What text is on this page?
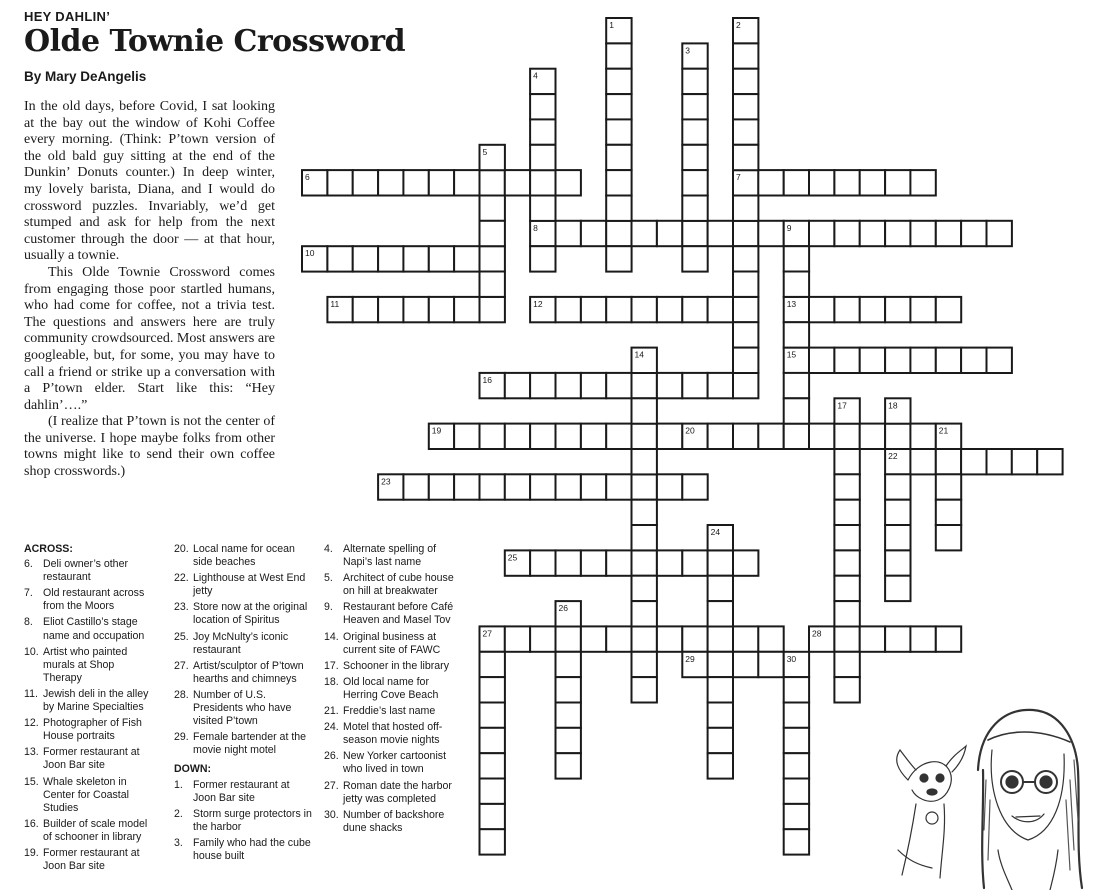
HEY DAHLIN’
Olde Townie Crossword
By Mary DeAngelis

In the old days, before Covid, I sat looking at the bay out the window of Kohi Coffee every morning. (Think: P’town version of the old bald guy sitting at the end of the Dunkin’ Donuts counter.) In deep winter, my lovely barista, Diana, and I would do crossword puzzles. Invariably, we’d get stumped and ask for help from the next customer through the door — at that hour, usually a townie.

This Olde Townie Crossword comes from engaging those poor startled humans, who had come for coffee, not a trivia test. The questions and answers here are truly community crowdsourced. Most answers are googleable, but, for some, you may have to call a friend or strike up a conversation with a P’town elder. Start like this: “Hey dahlin’….”

(I realize that P’town is not the center of the universe. I hope maybe folks from other towns might like to send their own coffee shop crosswords.)

ACROSS:
6. Deli owner’s other restaurant
7. Old restaurant across from the Moors
8. Eliot Castillo’s stage name and occupation
10. Artist who painted murals at Shop Therapy
11. Jewish deli in the alley by Marine Specialties
12. Photographer of Fish House portraits
13. Former restaurant at Joon Bar site
15. Whale skeleton in Center for Coastal Studies
16. Builder of scale model of schooner in library
19. Former restaurant at Joon Bar site
20. Local name for ocean side beaches
22. Lighthouse at West End jetty
23. Store now at the original location of Spiritus
25. Joy McNulty’s iconic restaurant
27. Artist/sculptor of P’town hearths and chimneys
28. Number of U.S. Presidents who have visited P’town
29. Female bartender at the movie night motel
DOWN:
1. Former restaurant at Joon Bar site
2. Storm surge protectors in the harbor
3. Family who had the cube house built
4. Alternate spelling of Napi’s last name
5. Architect of cube house on hill at breakwater
9. Restaurant before Café Heaven and Masel Tov
14. Original business at current site of FAWC
17. Schooner in the library
18. Old local name for Herring Cove Beach
21. Freddie’s last name
24. Motel that hosted off-season movie nights
26. New Yorker cartoonist who lived in town
27. Roman date the harbor jetty was completed
30. Number of backshore dune shacks
6	7
8
10
11	12	13
15
16
19	20
22
23
25
27	28
29
1	2
3
4
5
9
14
17	18
21
24
26
30
